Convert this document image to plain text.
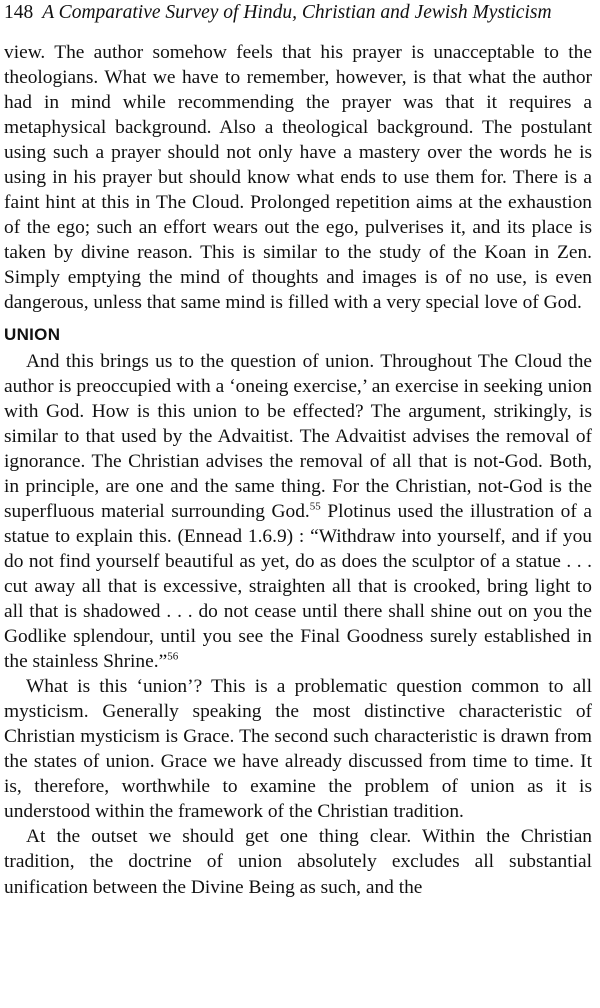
148 A Comparative Survey of Hindu, Christian and Jewish Mysticism

view. The author somehow feels that his prayer is unacceptable to the theologians. What we have to remember, however, is that what the author had in mind while recommending the prayer was that it requires a metaphysical background. Also a theological background. The postulant using such a prayer should not only have a mastery over the words he is using in his prayer but should know what ends to use them for. There is a faint hint at this in The Cloud. Prolonged repetition aims at the exhaustion of the ego; such an effort wears out the ego, pulverises it, and its place is taken by divine reason. This is similar to the study of the Koan in Zen. Simply emptying the mind of thoughts and images is of no use, is even dangerous, unless that same mind is filled with a very special love of God.

UNION

And this brings us to the question of union. Throughout The Cloud the author is preoccupied with a ‘oneing exercise,’ an exercise in seeking union with God. How is this union to be effected? The argument, strikingly, is similar to that used by the Advaitist. The Advaitist advises the removal of ignorance. The Christian advises the removal of all that is not-God. Both, in principle, are one and the same thing. For the Christian, not-God is the superfluous material surrounding God.$^{55}$ Plotinus used the illustration of a statue to explain this. (Ennead 1.6.9) : “Withdraw into yourself, and if you do not find yourself beautiful as yet, do as does the sculptor of a statue . . . cut away all that is excessive, straighten all that is crooked, bring light to all that is shadowed . . . do not cease until there shall shine out on you the Godlike splendour, until you see the Final Goodness surely established in the stainless Shrine.”$^{56}$

What is this ‘union’? This is a problematic question common to all mysticism. Generally speaking the most distinctive characteristic of Christian mysticism is Grace. The second such characteristic is drawn from the states of union. Grace we have already discussed from time to time. It is, therefore, worthwhile to examine the problem of union as it is understood within the framework of the Christian tradition.

At the outset we should get one thing clear. Within the Christian tradition, the doctrine of union absolutely excludes all substantial unification between the Divine Being as such, and the
